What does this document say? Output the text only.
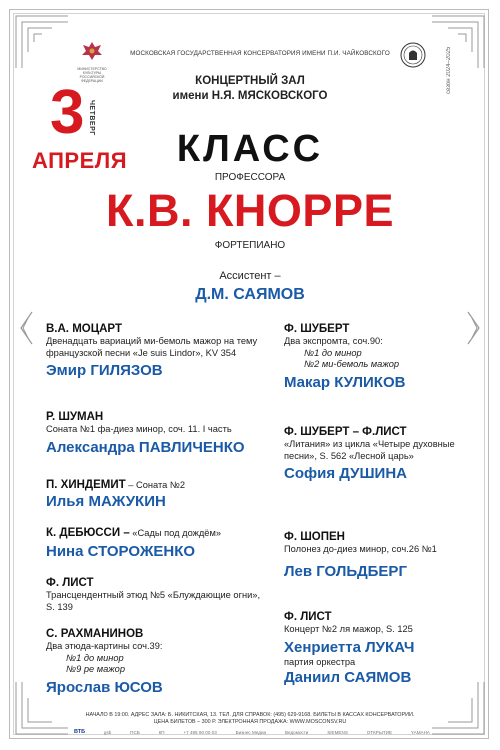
МИНИСТЕРСТВО КУЛЬТУРЫ РОССИЙСКОЙ ФЕДЕРАЦИИ
МОСКОВСКАЯ ГОСУДАРСТВЕННАЯ КОНСЕРВАТОРИЯ ИМЕНИ П.И. ЧАЙКОВСКОГО	сезон 2024–2025
КОНЦЕРТНЫЙ ЗАЛ
имени Н.Я. МЯСКОВСКОГО
3 ЧЕТВЕРГ
АПРЕЛЯ	КЛАСС
ПРОФЕССОРА
К.В. КНОРРЕ
ФОРТЕПИАНО
Ассистент –
Д.М. САЯМОВ
В.А. МОЦАРТ
Двенадцать вариаций ми-бемоль мажор на тему французской песни «Je suis Lindor», KV 354
Эмир ГИЛЯЗОВ
Р. ШУМАН
Соната №1 фа-диез минор, соч. 11. I часть
Александра ПАВЛИЧЕНКО
П. ХИНДЕМИТ – Соната №2
Илья МАЖУКИН
К. ДЕБЮССИ – «Сады под дождём»
Нина СТОРОЖЕНКО
Ф. ЛИСТ
Трансцендентный этюд №5 «Блуждающие огни», S. 139
С. РАХМАНИНОВ
Два этюда-картины соч.39:
№1 до минор
№9 ре мажор
Ярослав ЮСОВ
Ф. ШУБЕРТ
Два экспромта, соч.90:
№1 до минор
№2 ми-бемоль мажор
Макар КУЛИКОВ
Ф. ШУБЕРТ – Ф.ЛИСТ
«Литания» из цикла «Четыре духовные песни», S. 562 «Лесной царь»
София ДУШИНА
Ф. ШОПЕН
Полонез до-диез минор, соч.26 №1
Лев ГОЛЬДБЕРГ
Ф. ЛИСТ
Концерт №2 ля мажор, S. 125
Хенриетта ЛУКАЧ
партия оркестра
Даниил САЯМОВ
НАЧАЛО В 19:00. АДРЕС ЗАЛА: Б. НИКИТСКАЯ, 13. ТЕЛ. ДЛЯ СПРАВОК: (495) 629-9168. БИЛЕТЫ В КАССАХ КОНСЕРВАТОРИИ.
ЦЕНА БИЛЕТОВ – 300 Р. ЭЛЕКТРОННАЯ ПРОДАЖА: WWW.MOSCONSV.RU
ВТБ	gsb	ПСБ	КП	+7 495 90 00 03	Бизнес Медиа	Ведомости	SIEMENS	ОТКРЫТИЕ	YAMAHA
